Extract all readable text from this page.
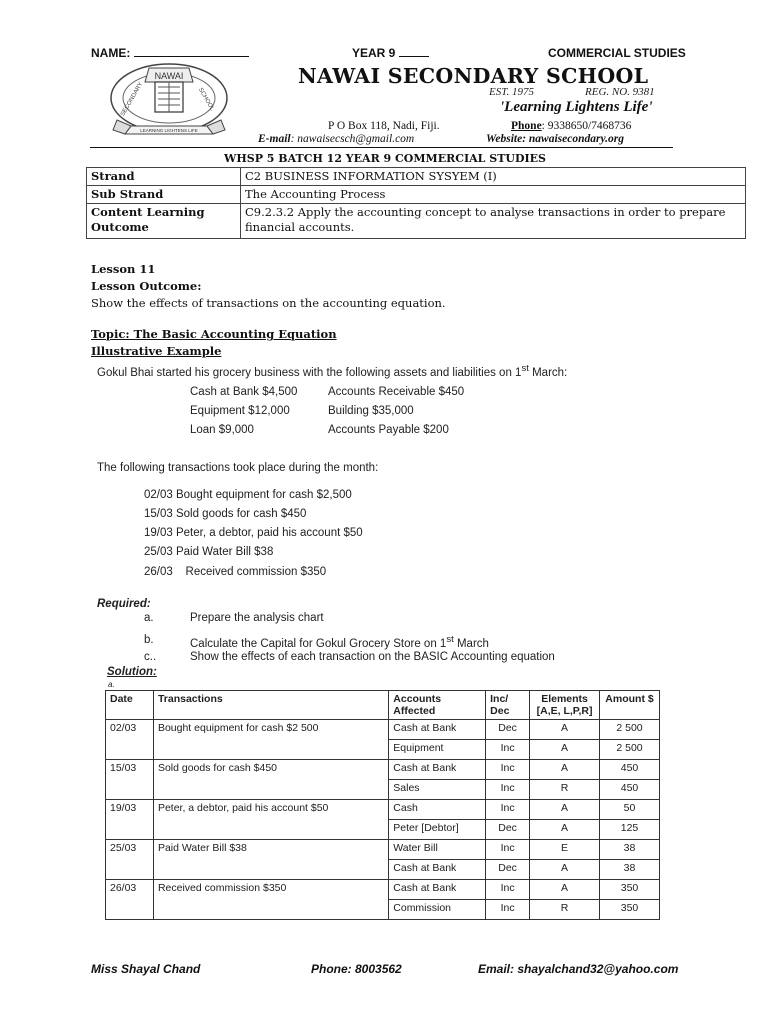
NAME:	YEAR 9	COMMERCIAL STUDIES
NAWAI
SECONDARY	SCHOOL
LEARNING LIGHTENS LIFE
NAWAI SECONDARY SCHOOL
EST. 1975	REG. NO. 9381
'Learning Lightens Life'
P O Box 118, Nadi, Fiji.	Phone: 9338650/7468736
E-mail: nawaisecsch@gmail.com	Website: nawaisecondary.org
WHSP 5 BATCH 12 YEAR 9 COMMERCIAL STUDIES
Strand	C2 BUSINESS INFORMATION SYSYEM (I)
Sub Strand	The Accounting Process
Content Learning Outcome	C9.2.3.2 Apply the accounting concept to analyse transactions in order to prepare financial accounts.
Lesson 11
Lesson Outcome:
Show the effects of transactions on the accounting equation.
Topic: The Basic Accounting Equation
Illustrative Example
Gokul Bhai started his grocery business with the following assets and liabilities on 1st March:
Cash at Bank $4,500	Accounts Receivable $450
Equipment $12,000	Building $35,000
Loan $9,000	Accounts Payable $200
The following transactions took place during the month:
02/03 Bought equipment for cash $2,500
15/03 Sold goods for cash $450
19/03 Peter, a debtor, paid his account $50
25/03 Paid Water Bill $38
26/03    Received commission $350
Required:
a.	Prepare the analysis chart
b.	Calculate the Capital for Gokul Grocery Store on 1st March
c..	Show the effects of each transaction on the BASIC Accounting equation
Solution:
a.
Date	Transactions	Accounts Affected	Inc/ Dec	Elements [A,E, L,P,R]	Amount $
02/03	Bought equipment for cash $2 500	Cash at Bank	Dec	A	2 500
		Equipment	Inc	A	2 500
15/03	Sold goods for cash $450	Cash at Bank	Inc	A	450
		Sales	Inc	R	450
19/03	Peter, a debtor, paid his account $50	Cash	Inc	A	50
		Peter [Debtor]	Dec	A	125
25/03	Paid Water Bill $38	Water Bill	Inc	E	38
		Cash at Bank	Dec	A	38
26/03	Received commission $350	Cash at Bank	Inc	A	350
		Commission	Inc	R	350
Miss Shayal Chand	Phone: 8003562	Email: shayalchand32@yahoo.com
